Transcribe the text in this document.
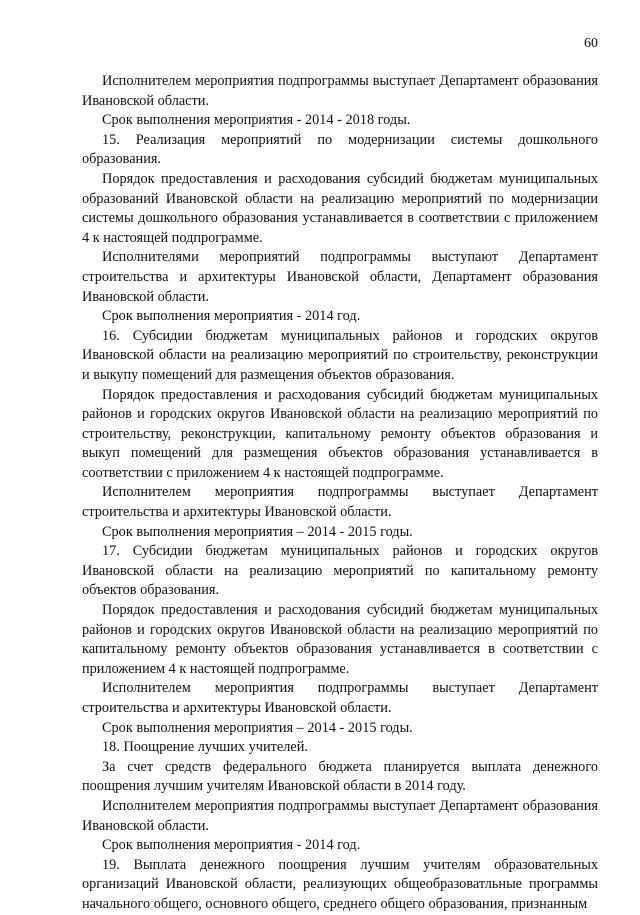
60

Исполнителем мероприятия подпрограммы выступает Департамент образования Ивановской области.

Срок выполнения мероприятия - 2014 - 2018 годы.

15. Реализация мероприятий по модернизации системы дошкольного образования.

Порядок предоставления и расходования субсидий бюджетам муниципальных образований Ивановской области на реализацию мероприятий по модернизации системы дошкольного образования устанавливается в соответствии с приложением 4 к настоящей подпрограмме.

Исполнителями мероприятий подпрограммы выступают Департамент строительства и архитектуры Ивановской области, Департамент образования Ивановской области.

Срок выполнения мероприятия - 2014 год.

16. Субсидии бюджетам муниципальных районов и городских округов Ивановской области на реализацию мероприятий по строительству, реконструкции и выкупу помещений для размещения объектов образования.

Порядок предоставления и расходования субсидий бюджетам муниципальных районов и городских округов Ивановской области на реализацию мероприятий по строительству, реконструкции, капитальному ремонту объектов образования и выкуп помещений для размещения объектов образования устанавливается в соответствии с приложением 4 к настоящей подпрограмме.

Исполнителем мероприятия подпрограммы выступает Департамент строительства и архитектуры Ивановской области.

Срок выполнения мероприятия – 2014 - 2015 годы.

17. Субсидии бюджетам муниципальных районов и городских округов Ивановской области на реализацию мероприятий по капитальному ремонту объектов образования.

Порядок предоставления и расходования субсидий бюджетам муниципальных районов и городских округов Ивановской области на реализацию мероприятий по капитальному ремонту объектов образования устанавливается в соответствии с приложением 4 к настоящей подпрограмме.

Исполнителем мероприятия подпрограммы выступает Департамент строительства и архитектуры Ивановской области.

Срок выполнения мероприятия – 2014 - 2015 годы.

18. Поощрение лучших учителей.

За счет средств федерального бюджета планируется выплата денежного поощрения лучшим учителям Ивановской области в 2014 году.

Исполнителем мероприятия подпрограммы выступает Департамент образования Ивановской области.

Срок выполнения мероприятия - 2014 год.

19. Выплата денежного поощрения лучшим учителям образовательных организаций Ивановской области, реализующих общеобразоватльные программы начального общего, основного общего, среднего общего образования, признанным
